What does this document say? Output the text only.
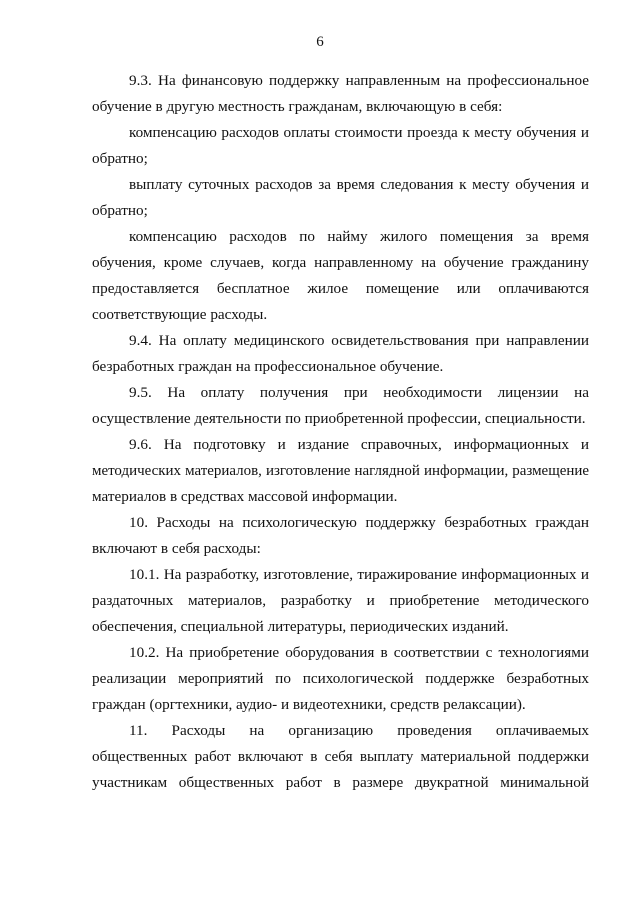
6
9.3. На финансовую поддержку направленным на профессиональное
обучение в другую местность гражданам, включающую в себя:
компенсацию расходов оплаты стоимости проезда к месту обучения и
обратно;
выплату суточных расходов за время следования к месту обучения и
обратно;
компенсацию расходов по найму жилого помещения за время
обучения, кроме случаев, когда направленному на обучение гражданину
предоставляется бесплатное жилое помещение или оплачиваются
соответствующие расходы.
9.4. На оплату медицинского освидетельствования при направлении
безработных граждан на профессиональное обучение.
9.5. На оплату получения при необходимости лицензии на
осуществление деятельности по приобретенной профессии, специальности.
9.6. На подготовку и издание справочных, информационных и
методических материалов, изготовление наглядной информации, размещение
материалов в средствах массовой информации.
10. Расходы на психологическую поддержку безработных граждан
включают в себя расходы:
10.1. На разработку, изготовление, тиражирование информационных и
раздаточных материалов, разработку и приобретение методического
обеспечения, специальной литературы, периодических изданий.
10.2. На приобретение оборудования в соответствии с технологиями
реализации мероприятий по психологической поддержке безработных
граждан (оргтехники, аудио- и видеотехники, средств релаксации).
11. Расходы на организацию проведения оплачиваемых
общественных работ включают в себя выплату материальной поддержки
участникам общественных работ в размере двукратной минимальной
